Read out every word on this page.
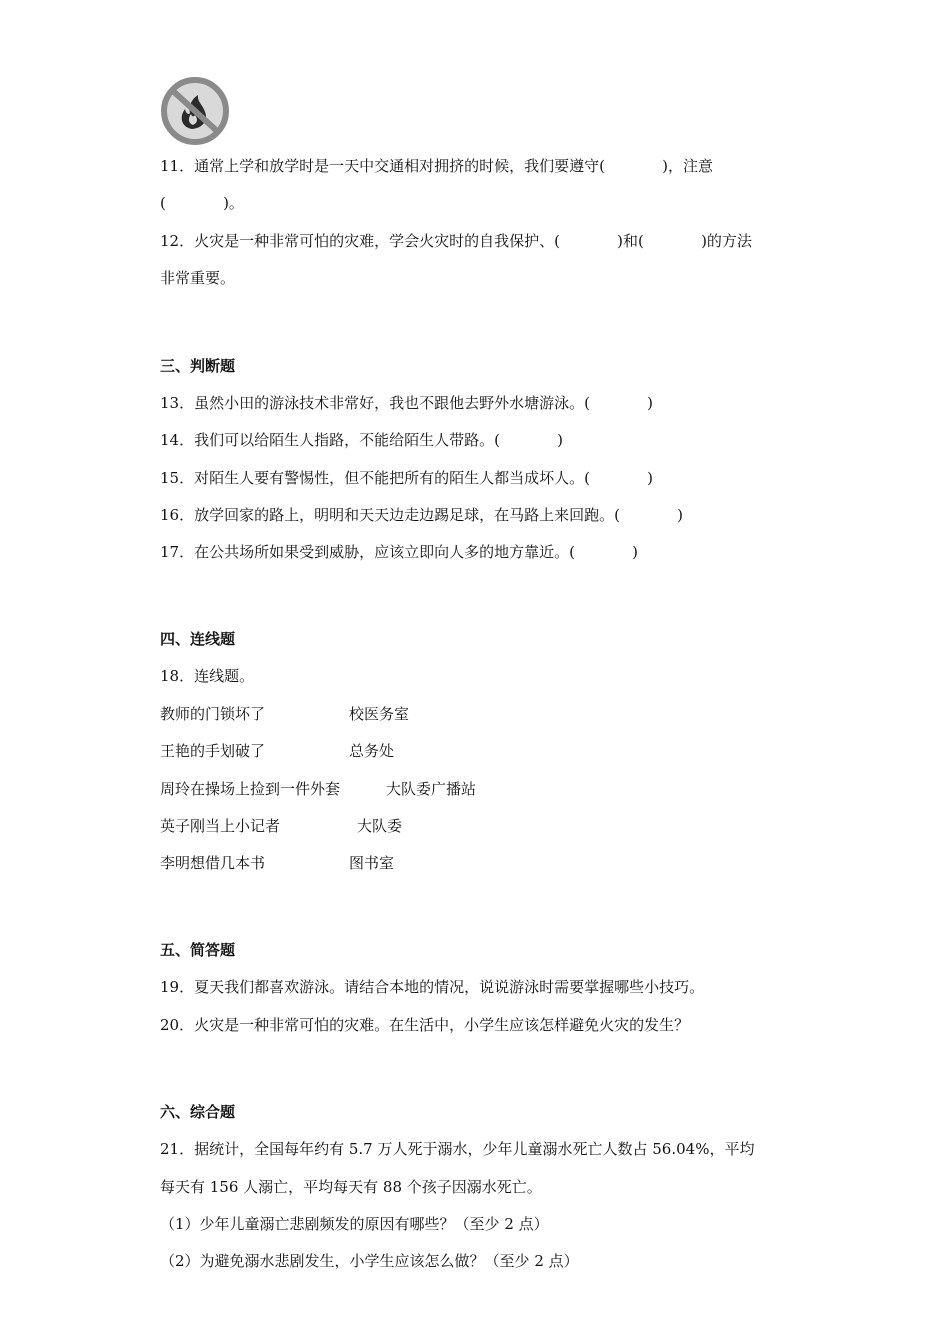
11．通常上学和放学时是一天中交通相对拥挤的时候，我们要遵守(            )，注意
(            )。
12．火灾是一种非常可怕的灾难，学会火灾时的自我保护、(            )和(            )的方法
非常重要。
三、判断题
13．虽然小田的游泳技术非常好，我也不跟他去野外水塘游泳。(            )
14．我们可以给陌生人指路，不能给陌生人带路。(            )
15．对陌生人要有警惕性，但不能把所有的陌生人都当成坏人。(            )
16．放学回家的路上，明明和天天边走边踢足球，在马路上来回跑。(            )
17．在公共场所如果受到威胁，应该立即向人多的地方靠近。(            )
四、连线题
18．连线题。
教师的门锁坏了	校医务室
王艳的手划破了	总务处
周玲在操场上捡到一件外套	大队委广播站
英子刚当上小记者	大队委
李明想借几本书	图书室
五、简答题
19．夏天我们都喜欢游泳。请结合本地的情况，说说游泳时需要掌握哪些小技巧。
20．火灾是一种非常可怕的灾难。在生活中，小学生应该怎样避免火灾的发生？
六、综合题
21．据统计，全国每年约有 5.7 万人死于溺水，少年儿童溺水死亡人数占 56.04%，平均
每天有 156 人溺亡，平均每天有 88 个孩子因溺水死亡。
（1）少年儿童溺亡悲剧频发的原因有哪些？（至少 2 点）
（2）为避免溺水悲剧发生，小学生应该怎么做？（至少 2 点）
